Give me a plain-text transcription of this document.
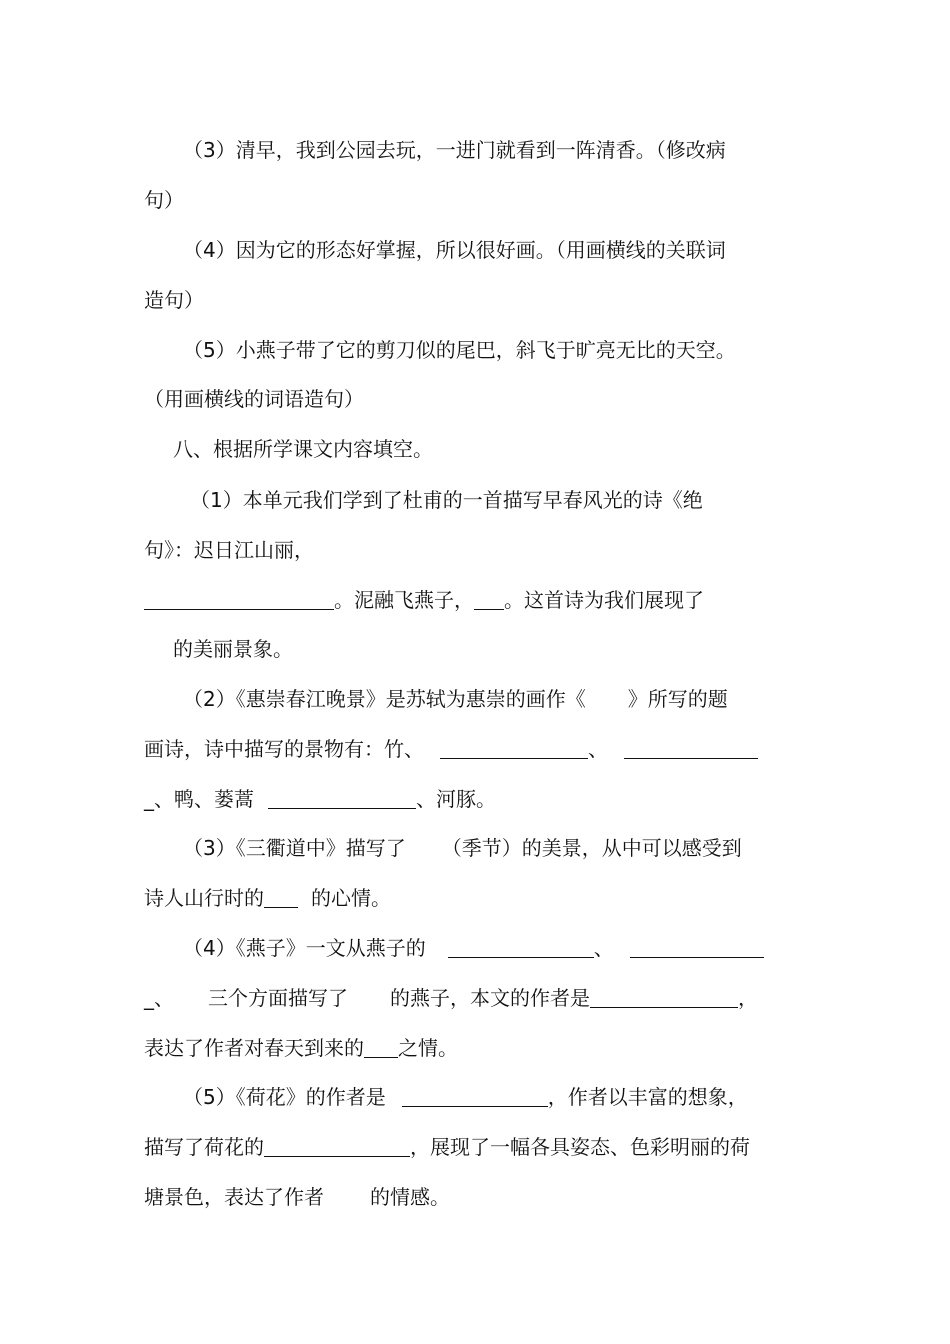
（3）清早，我到公园去玩，一进门就看到一阵清香。（修改病
句）
（4）因为它的形态好掌握，所以很好画。（用画横线的关联词
造句）
（5）小燕子带了它的剪刀似的尾巴，斜飞于旷亮无比的天空。
（用画横线的词语造句）
八、根据所学课文内容填空。
（1）本单元我们学到了杜甫的一首描写早春风光的诗《绝
句》：迟日江山丽，
。泥融飞燕子， 。这首诗为我们展现了
的美丽景象。
（2）《惠崇春江晚景》是苏轼为惠崇的画作《 》所写的题
画诗，诗中描写的景物有：竹、	、
_、鸭、蒌蒿	、河豚。
（3）《三衢道中》描写了 （季节）的美景，从中可以感受到
诗人山行时的 的心情。
（4）《燕子》一文从燕子的	、
_、 三个方面描写了 的燕子，本文的作者是	，
表达了作者对春天到来的 之情。
（5）《荷花》的作者是	，作者以丰富的想象，
描写了荷花的	，展现了一幅各具姿态、色彩明丽的荷
塘景色，表达了作者 的情感。
